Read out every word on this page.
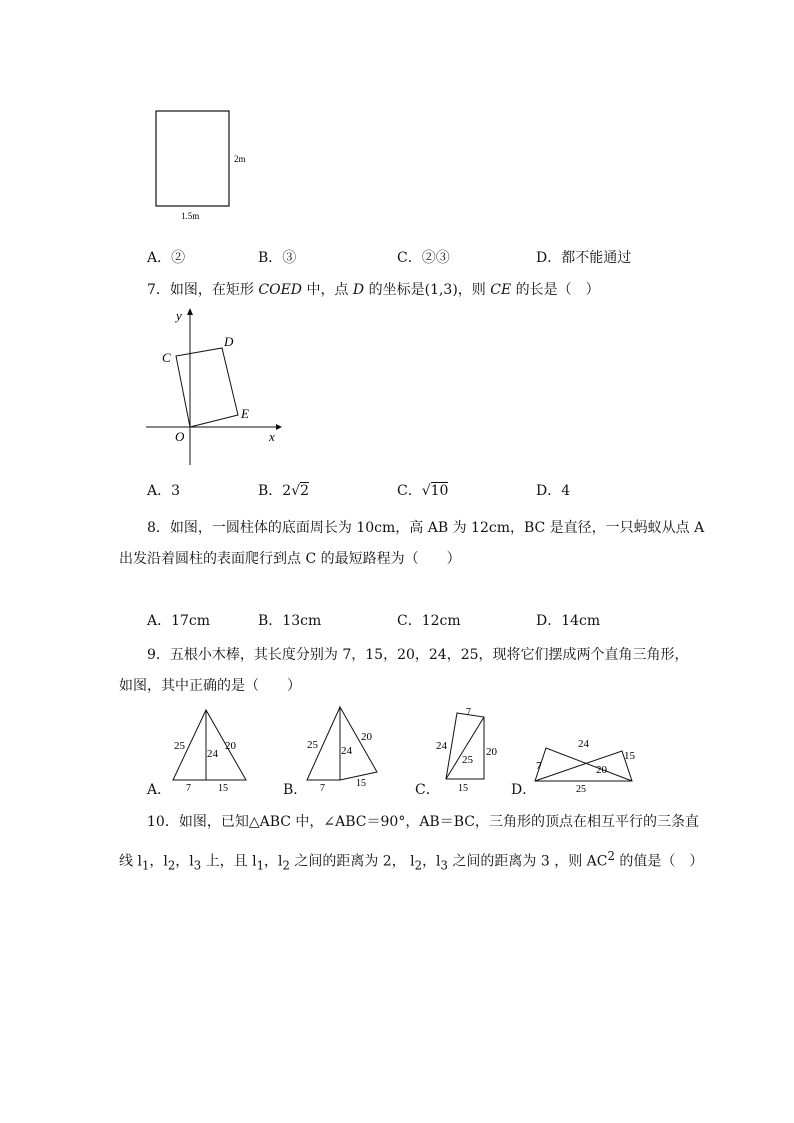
2m
1.5m
A．②	B．③	C．②③	D．都不能通过
7．如图，在矩形 COED 中，点 D 的坐标是(1,3)，则 CE 的长是（　）
y
x
C
D
E
O
A．3	B．2√2	C．√10	D．4
8．如图，一圆柱体的底面周长为 10cm，高 AB 为 12cm，BC 是直径，一只蚂蚁从点 A
出发沿着圆柱的表面爬行到点 C 的最短路程为（　　）
A．17cm	B．13cm	C．12cm	D．14cm
9．五根小木棒，其长度分别为 7，15，20，24，25，现将它们摆成两个直角三角形，
如图，其中正确的是（　　）
A．
25
24
20
7	15	B．
25 24
20
7	15	C．
7
24	20
25
15	D．
24
15
7	20
25
10．如图，已知△ABC 中，∠ABC＝90°，AB＝BC，三角形的顶点在相互平行的三条直
线 $l_1$，$l_2$，$l_3$ 上，且 $l_1$，$l_2$ 之间的距离为 2， $l_2$，$l_3$ 之间的距离为 3 ，则 $AC^2$ 的值是（　）
